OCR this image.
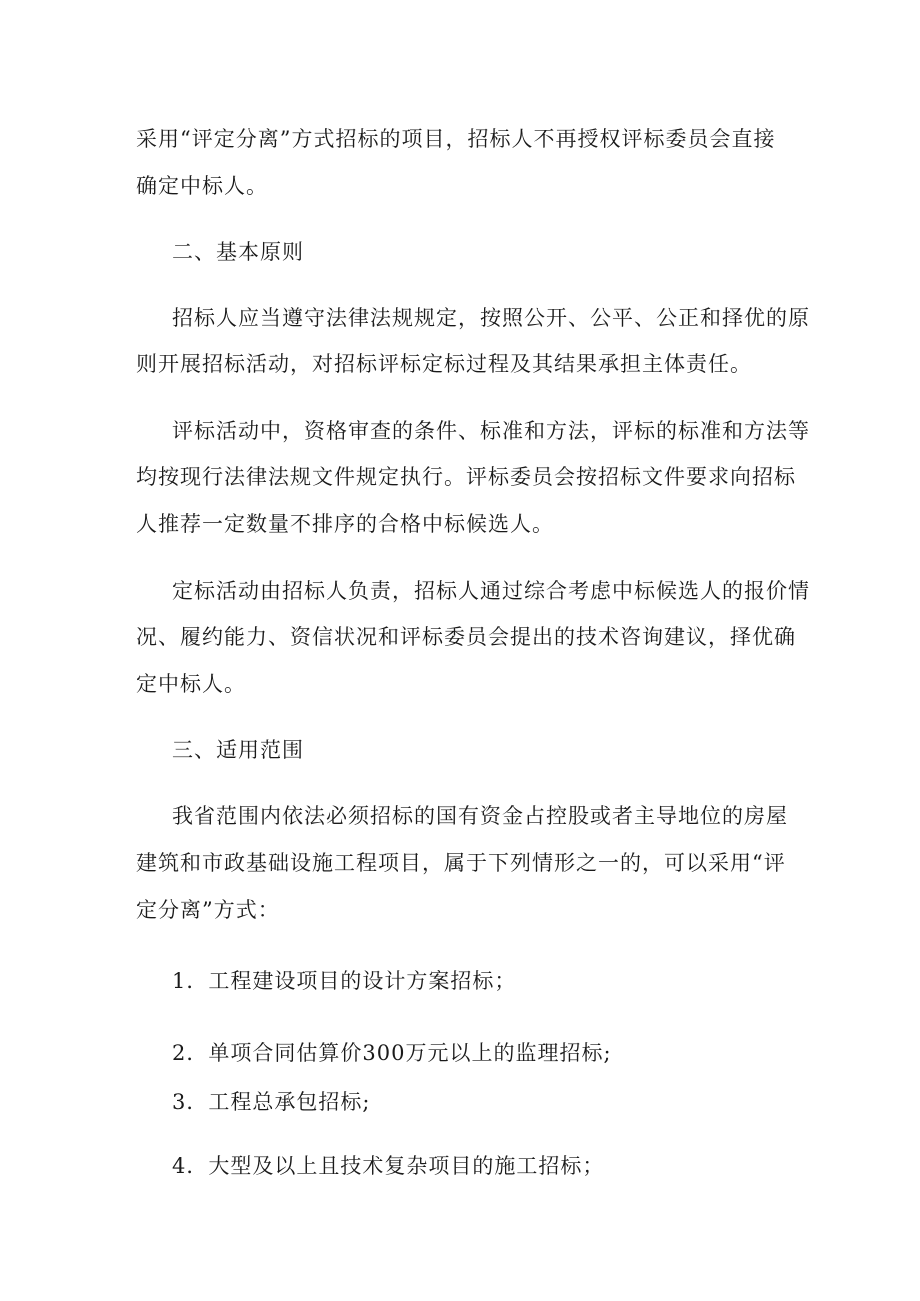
采用“评定分离”方式招标的项目，招标人不再授权评标委员会直接
确定中标人。
二、基本原则
招标人应当遵守法律法规规定，按照公开、公平、公正和择优的原
则开展招标活动，对招标评标定标过程及其结果承担主体责任。
评标活动中，资格审查的条件、标准和方法，评标的标准和方法等
均按现行法律法规文件规定执行。评标委员会按招标文件要求向招标
人推荐一定数量不排序的合格中标候选人。
定标活动由招标人负责，招标人通过综合考虑中标候选人的报价情
况、履约能力、资信状况和评标委员会提出的技术咨询建议，择优确
定中标人。
三、适用范围
我省范围内依法必须招标的国有资金占控股或者主导地位的房屋
建筑和市政基础设施工程项目，属于下列情形之一的，可以采用“评
定分离”方式：
1．工程建设项目的设计方案招标；
2．单项合同估算价300万元以上的监理招标;
3．工程总承包招标;
4．大型及以上且技术复杂项目的施工招标；
